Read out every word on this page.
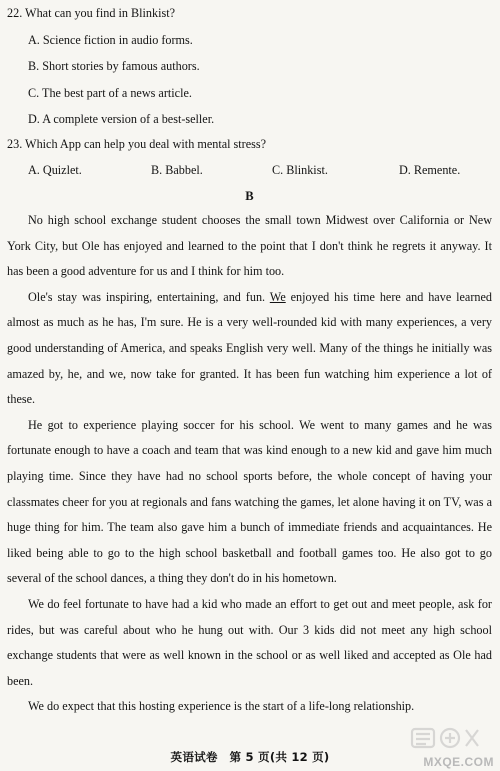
22. What can you find in Blinkist?

A. Science fiction in audio forms.
B. Short stories by famous authors.
C. The best part of a news article.
D. A complete version of a best-seller.

23. Which App can help you deal with mental stress?

A. Quizlet.	B. Babbel.	C. Blinkist.	D. Remente.
B

No high school exchange student chooses the small town Midwest over California or New York City, but Ole has enjoyed and learned to the point that I don't think he regrets it anyway. It has been a good adventure for us and I think for him too.

Ole's stay was inspiring, entertaining, and fun. We enjoyed his time here and have learned almost as much as he has, I'm sure. He is a very well-rounded kid with many experiences, a very good understanding of America, and speaks English very well. Many of the things he initially was amazed by, he, and we, now take for granted. It has been fun watching him experience a lot of these.

He got to experience playing soccer for his school. We went to many games and he was fortunate enough to have a coach and team that was kind enough to a new kid and gave him much playing time. Since they have had no school sports before, the whole concept of having your classmates cheer for you at regionals and fans watching the games, let alone having it on TV, was a huge thing for him. The team also gave him a bunch of immediate friends and acquaintances. He liked being able to go to the high school basketball and football games too. He also got to go several of the school dances, a thing they don't do in his hometown.

We do feel fortunate to have had a kid who made an effort to get out and meet people, ask for rides, but was careful about who he hung out with. Our 3 kids did not meet any high school exchange students that were as well known in the school or as well liked and accepted as Ole had been.

We do expect that this hosting experience is the start of a life-long relationship.

英语试卷　第 5 页(共 12 页)	MXQE.COM
